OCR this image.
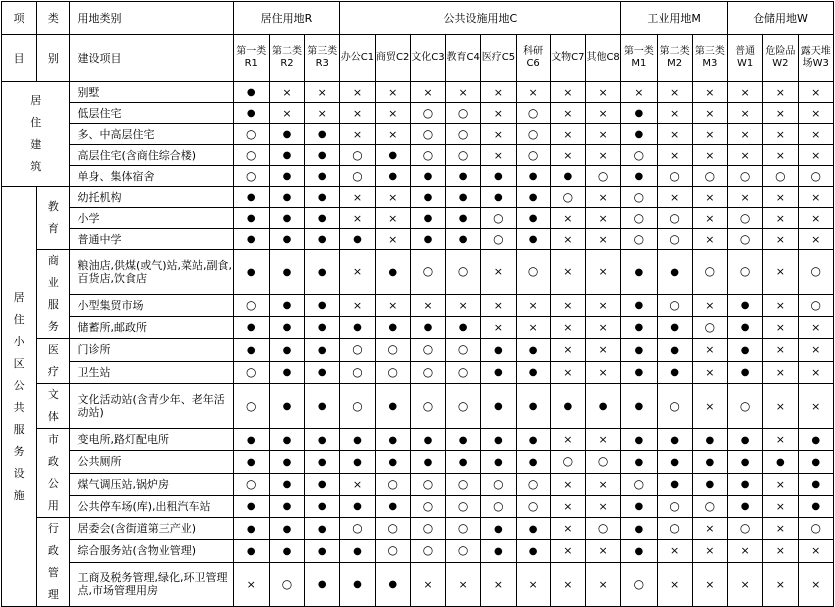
项	类	用地类别	居住用地R			公共设施用地C								工业用地M			仓储用地W		
目	别	建设项目	第一类R1	第二类R2	第三类R3	办公C1	商贸C2	文化C3	教育C4	医疗C5	科研C6	文物C7	其他C8	第一类M1	第二类M2	第三类M3	普通W1	危险品W2	露天堆场W3
居住建筑		别墅	●	×	×	×	×	×	×	×	×	×	×	×	×	×	×	×	×
		低层住宅	●	×	×	×	×	○	○	×	○	×	×	●	×	×	×	×	×
		多、中高层住宅	○	●	●	×	×	○	○	×	○	×	×	●	×	×	×	×	×
		高层住宅(含商住综合楼)	○	●	●	○	●	○	○	×	○	×	×	○	×	×	×	×	×
		单身、集体宿舍	○	●	●	○	●	●	●	●	●	●	○	●	○	○	○	○	○
居住小区公共服务设施	教育	幼托机构	●	●	●	×	×	●	●	●	●	○	×	○	×	×	×	×	×
		小学	●	●	●	×	×	●	●	○	●	×	×	○	○	×	○	×	×
		普通中学	●	●	●	●	×	●	●	○	●	×	×	○	○	×	○	×	×
	商业服务	粮油店,供煤(或气)站,菜站,副食,百货店,饮食店	●	●	●	×	●	○	○	×	○	×	×	●	●	○	○	×	○
		小型集贸市场	○	●	●	×	×	×	×	×	×	×	×	●	○	×	●	×	○
		储蓄所,邮政所	●	●	●	●	●	●	●	×	×	×	×	●	●	○	●	×	×
	医疗	门诊所	●	●	●	○	○	○	○	●	●	×	×	●	●	×	●	×	×
		卫生站	○	●	●	○	○	○	○	●	●	×	×	●	●	×	●	×	×
	文体	文化活动站(含青少年、老年活动站)	○	●	●	○	●	○	○	●	●	●	●	●	○	×	○	×	×
	市政公用	变电所,路灯配电所	●	●	●	●	●	●	●	●	●	×	×	●	●	●	●	×	●
		公共厕所	●	●	●	●	●	●	●	●	●	○	○	●	●	●	●	●	●
		煤气调压站,锅炉房	○	●	●	×	○	○	○	○	○	×	×	○	●	●	●	×	●
		公共停车场(库),出租汽车站	●	●	●	●	●	○	○	○	○	×	×	●	○	○	●	×	●
	行政管理	居委会(含街道第三产业)	●	●	●	○	○	○	○	●	●	×	○	●	○	×	○	×	○
		综合服务站(含物业管理)	●	●	●	●	○	○	○	●	●	×	×	●	×	×	×	×	×
		工商及税务管理,绿化,环卫管理点,市场管理用房	×	○	●	●	●	×	×	×	×	×	×	○	×	×	×	×	×
